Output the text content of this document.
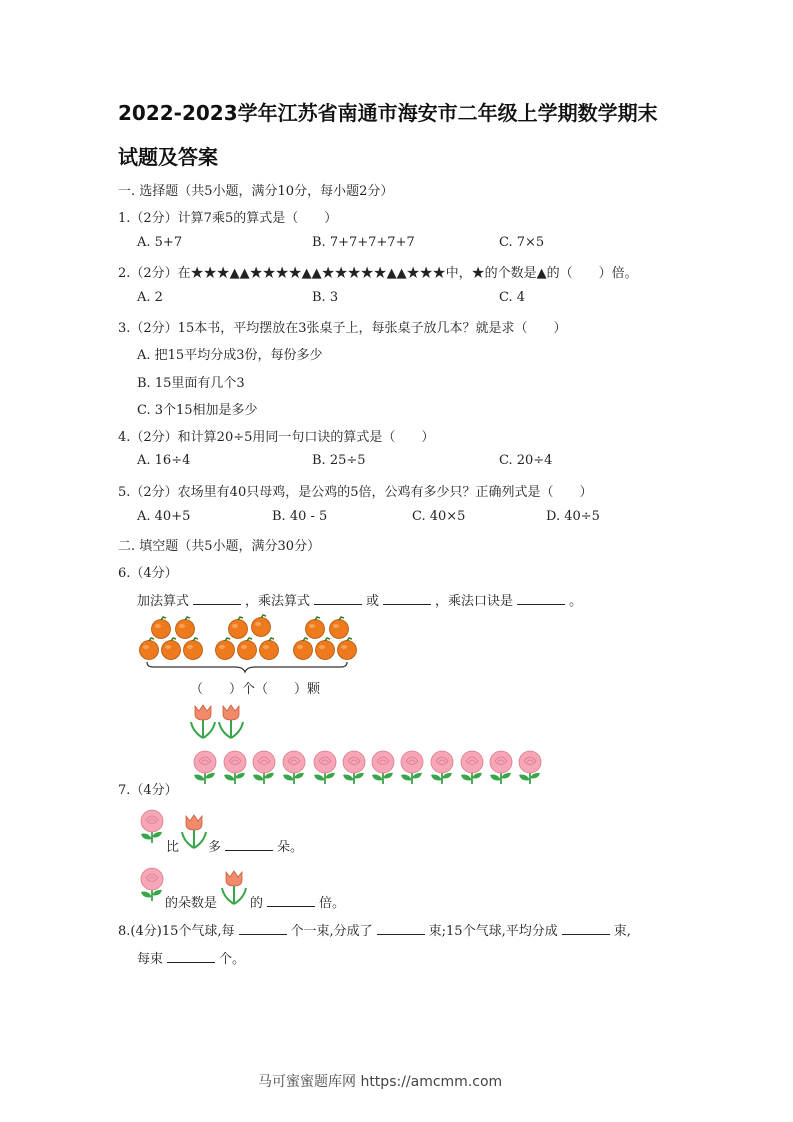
2022-2023学年江苏省南通市海安市二年级上学期数学期末
试题及答案
一. 选择题（共5小题，满分10分，每小题2分）
1.（2分）计算7乘5的算式是（　　）
A. 5+7	B. 7+7+7+7+7	C. 7×5
2.（2分）在★★★▲▲★★★★▲▲★★★★★▲▲★★★中，★的个数是▲的（　　）倍。
A. 2	B. 3	C. 4
3.（2分）15本书，平均摆放在3张桌子上，每张桌子放几本？就是求（　　）
A. 把15平均分成3份，每份多少
B. 15里面有几个3
C. 3个15相加是多少
4.（2分）和计算20÷5用同一句口诀的算式是（　　）
A. 16÷4	B. 25÷5	C. 20÷4
5.（2分）农场里有40只母鸡，是公鸡的5倍，公鸡有多少只？正确列式是（　　）
A. 40+5	B. 40 - 5	C. 40×5	D. 40÷5
二. 填空题（共5小题，满分30分）
6.（4分）
加法算式	，乘法算式	或	，乘法口诀是	。
（　　）个（　　）颗
7.（4分）
比 多	朵。
的朵数是	的	倍。
8.(4分)15个气球,每	个一束,分成了	束;15个气球,平均分成	束,
每束	个。
马可蜜蜜题库网 https://amcmm.com
